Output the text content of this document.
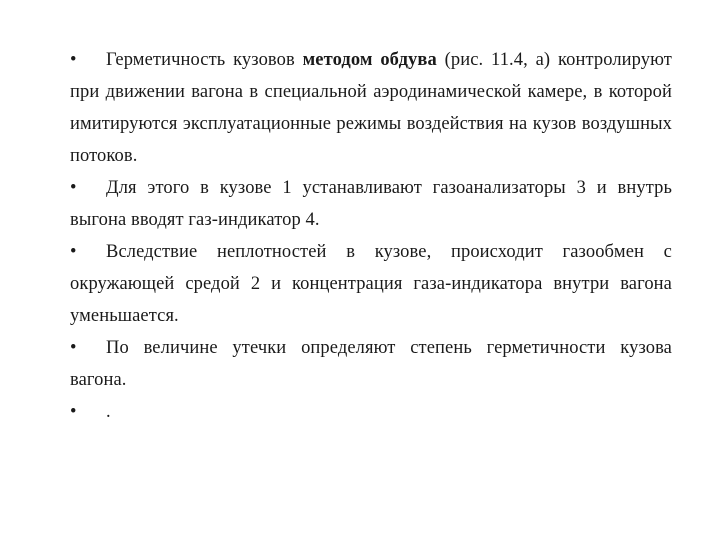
• Герметичность кузовов методом обдува (рис. 11.4, а) контролируют при движении вагона в специальной аэродинамической камере, в которой имитируются эксплуатационные режимы воздействия на кузов воздушных потоков.

• Для этого в кузове 1 устанавливают газоанализаторы 3 и внутрь выгона вводят газ-индикатор 4.

• Вследствие неплотностей в кузове, происходит газообмен с окружающей средой 2 и концентрация газа-индикатора внутри вагона уменьшается.

• По величине утечки определяют степень герметичности кузова вагона.

• .
